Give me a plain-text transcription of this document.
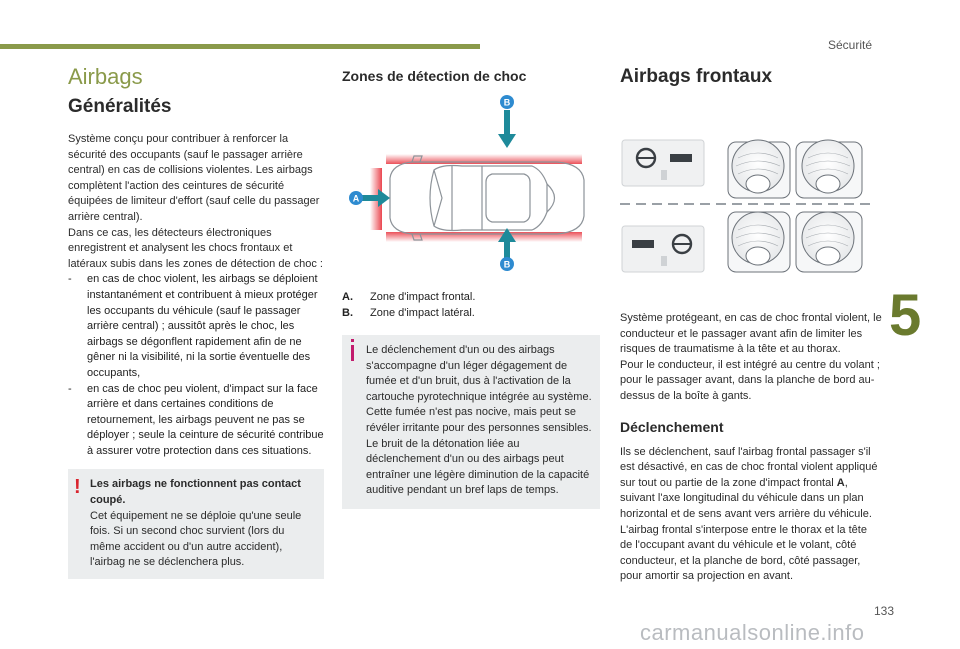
Sécurité
5
133
carmanualsonline.info
Airbags
Généralités

Système conçu pour contribuer à renforcer la sécurité des occupants (sauf le passager arrière central) en cas de collisions violentes. Les airbags complètent l'action des ceintures de sécurité équipées de limiteur d'effort (sauf celle du passager arrière central).

Dans ce cas, les détecteurs électroniques enregistrent et analysent les chocs frontaux et latéraux subis dans les zones de détection de choc :

-	en cas de choc violent, les airbags se déploient instantanément et contribuent à mieux protéger les occupants du véhicule (sauf le passager arrière central) ; aussitôt après le choc, les airbags se dégonflent rapidement afin de ne gêner ni la visibilité, ni la sortie éventuelle des occupants,
-	en cas de choc peu violent, d'impact sur la face arrière et dans certaines conditions de retournement, les airbags peuvent ne pas se déployer ; seule la ceinture de sécurité contribue à assurer votre protection dans ces situations.
! Les airbags ne fonctionnent pas contact coupé.

Cet équipement ne se déploie qu'une seule fois. Si un second choc survient (lors du même accident ou d'un autre accident), l'airbag ne se déclenchera plus.

Zones de détection de choc
B
B
A
A.	Zone d'impact frontal.
B.	Zone d'impact latéral.

Le déclenchement d'un ou des airbags s'accompagne d'un léger dégagement de fumée et d'un bruit, dus à l'activation de la cartouche pyrotechnique intégrée au système.

Cette fumée n'est pas nocive, mais peut se révéler irritante pour des personnes sensibles.

Le bruit de la détonation liée au déclenchement d'un ou des airbags peut entraîner une légère diminution de la capacité auditive pendant un bref laps de temps.

Airbags frontaux

Système protégeant, en cas de choc frontal violent, le conducteur et le passager avant afin de limiter les risques de traumatisme à la tête et au thorax.

Pour le conducteur, il est intégré au centre du volant ; pour le passager avant, dans la planche de bord au-dessus de la boîte à gants.

Déclenchement

Ils se déclenchent, sauf l'airbag frontal passager s'il est désactivé, en cas de choc frontal violent appliqué sur tout ou partie de la zone d'impact frontal A, suivant l'axe longitudinal du véhicule dans un plan horizontal et de sens avant vers arrière du véhicule.

L'airbag frontal s'interpose entre le thorax et la tête de l'occupant avant du véhicule et le volant, côté conducteur, et la planche de bord, côté passager, pour amortir sa projection en avant.
